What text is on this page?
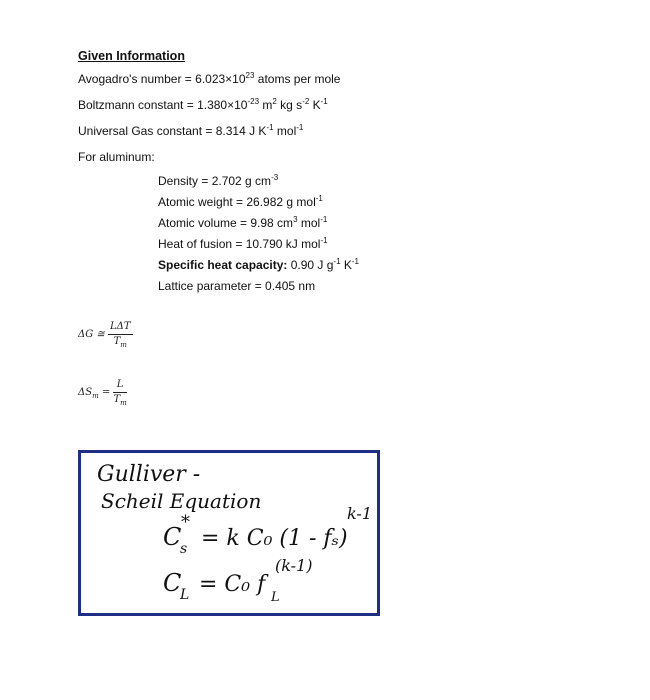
Given Information
Avogadro's number = $6.023\times 10^{23}$ atoms per mole
Boltzmann constant = $1.380\times 10^{-23}$ $m^2$ kg $s^{-2}$ $K^{-1}$
Universal Gas constant = 8.314 J $K^{-1}$ mol$^{-1}$
For aluminum:
Density = 2.702 g $cm^{-3}$
Atomic weight = 26.982 g mol$^{-1}$
Atomic volume = 9.98 $cm^3$ mol$^{-1}$
Heat of fusion = 10.790 kJ mol$^{-1}$
Specific heat capacity: 0.90 J $g^{-1}$ $K^{-1}$
Lattice parameter = 0.405 nm
ΔG ≅ $\frac{\text{LΔT}}{T_m}$
$\Delta S_m = \frac{L}{T_m}$
Gulliver -
Scheil Equation
C
*
s = k C₀ (1 - fₛ)
k-1
C
L = C₀ f
L
(k-1)
